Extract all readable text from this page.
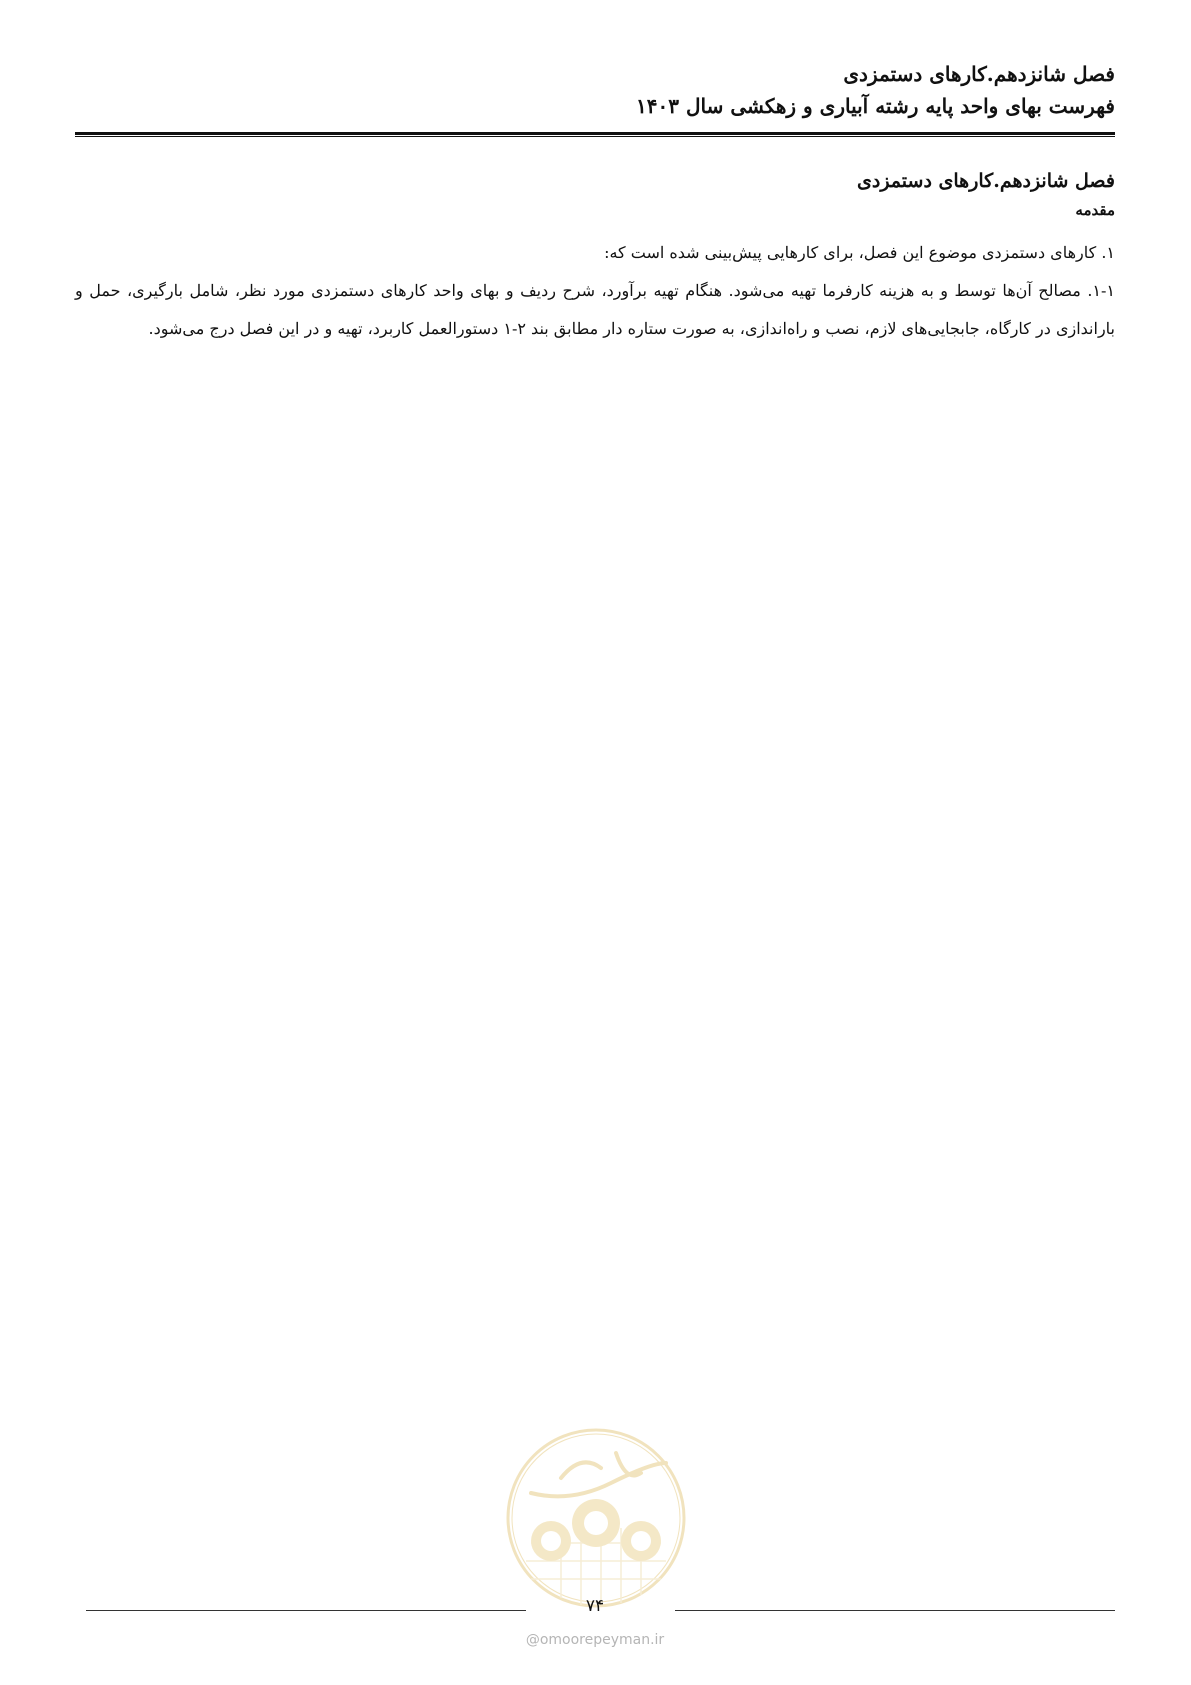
فصل شانزدهم.کارهای دستمزدی
فهرست بهای واحد پایه رشته آبیاری و زهکشی سال ۱۴۰۳
فصل شانزدهم.کارهای دستمزدی
مقدمه

۱. کارهای دستمزدی موضوع این فصل، برای کارهایی پیش‌بینی شده است که:

۱-۱. مصالح آن‌ها توسط و به هزینه کارفرما تهیه می‌شود. هنگام تهیه برآورد، شرح ردیف و بهای واحد کارهای دستمزدی مورد نظر، شامل بارگیری، حمل و باراندازی در کارگاه، جابجایی‌های لازم، نصب و راه‌اندازی، به صورت ستاره دار مطابق بند ۲-۱ دستورالعمل کاربرد، تهیه و در این فصل درج می‌شود.

۷۴
@omoorepeyman.ir
